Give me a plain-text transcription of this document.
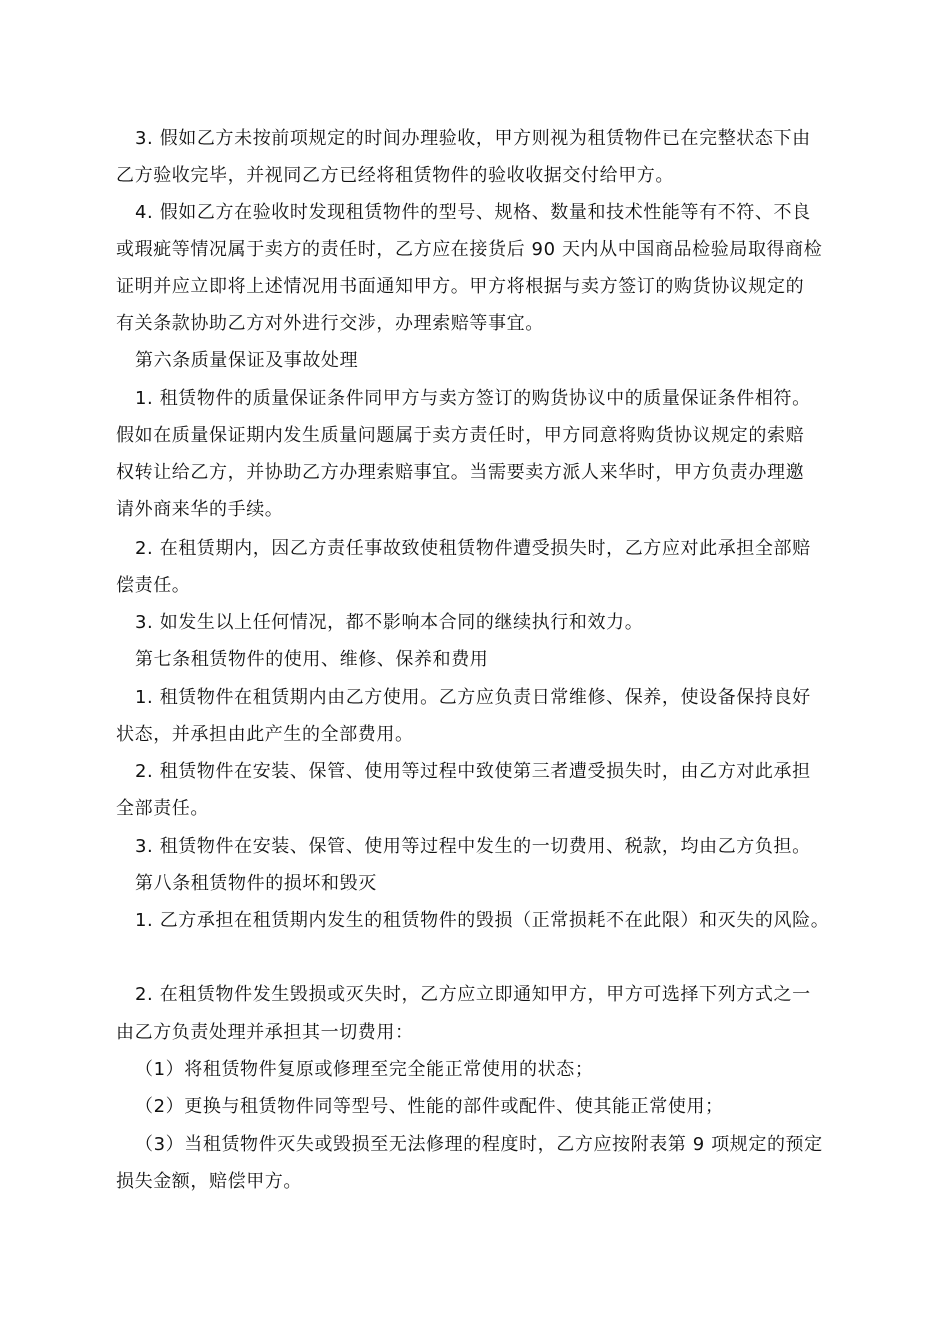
3. 假如乙方未按前项规定的时间办理验收，甲方则视为租赁物件已在完整状态下由
乙方验收完毕，并视同乙方已经将租赁物件的验收收据交付给甲方。
4. 假如乙方在验收时发现租赁物件的型号、规格、数量和技术性能等有不符、不良
或瑕疵等情况属于卖方的责任时，乙方应在接货后 90 天内从中国商品检验局取得商检
证明并应立即将上述情况用书面通知甲方。甲方将根据与卖方签订的购货协议规定的
有关条款协助乙方对外进行交涉，办理索赔等事宜。
第六条质量保证及事故处理
1. 租赁物件的质量保证条件同甲方与卖方签订的购货协议中的质量保证条件相符。
假如在质量保证期内发生质量问题属于卖方责任时，甲方同意将购货协议规定的索赔
权转让给乙方，并协助乙方办理索赔事宜。当需要卖方派人来华时，甲方负责办理邀
请外商来华的手续。
2. 在租赁期内，因乙方责任事故致使租赁物件遭受损失时，乙方应对此承担全部赔
偿责任。
3. 如发生以上任何情况，都不影响本合同的继续执行和效力。
第七条租赁物件的使用、维修、保养和费用
1. 租赁物件在租赁期内由乙方使用。乙方应负责日常维修、保养，使设备保持良好
状态，并承担由此产生的全部费用。
2. 租赁物件在安装、保管、使用等过程中致使第三者遭受损失时，由乙方对此承担
全部责任。
3. 租赁物件在安装、保管、使用等过程中发生的一切费用、税款，均由乙方负担。
第八条租赁物件的损坏和毁灭
1. 乙方承担在租赁期内发生的租赁物件的毁损（正常损耗不在此限）和灭失的风险。
2. 在租赁物件发生毁损或灭失时，乙方应立即通知甲方，甲方可选择下列方式之一
由乙方负责处理并承担其一切费用：
（1）将租赁物件复原或修理至完全能正常使用的状态；
（2）更换与租赁物件同等型号、性能的部件或配件、使其能正常使用；
（3）当租赁物件灭失或毁损至无法修理的程度时，乙方应按附表第 9 项规定的预定
损失金额，赔偿甲方。
